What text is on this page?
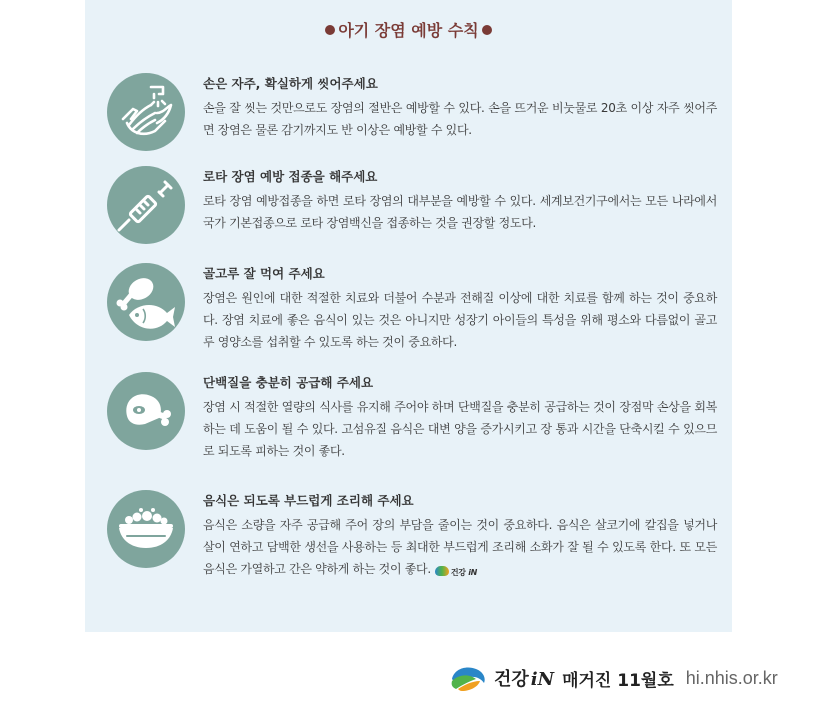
아기 장염 예방 수칙
손은 자주, 확실하게 씻어주세요

손을 잘 씻는 것만으로도 장염의 절반은 예방할 수 있다. 손을 뜨거운 비눗물로 20초 이상 자주 씻어주면 장염은 물론 감기까지도 반 이상은 예방할 수 있다.

로타 장염 예방 접종을 해주세요

로타 장염 예방접종을 하면 로타 장염의 대부분을 예방할 수 있다. 세계보건기구에서는 모든 나라에서 국가 기본접종으로 로타 장염백신을 접종하는 것을 권장할 정도다.

골고루 잘 먹여 주세요

장염은 원인에 대한 적절한 치료와 더불어 수분과 전해질 이상에 대한 치료를 함께 하는 것이 중요하다. 장염 치료에 좋은 음식이 있는 것은 아니지만 성장기 아이들의 특성을 위해 평소와 다름없이 골고루 영양소를 섭취할 수 있도록 하는 것이 중요하다.

단백질을 충분히 공급해 주세요

장염 시 적절한 열량의 식사를 유지해 주어야 하며 단백질을 충분히 공급하는 것이 장점막 손상을 회복하는 데 도움이 될 수 있다. 고섬유질 음식은 대변 양을 증가시키고 장 통과 시간을 단축시킬 수 있으므로 되도록 피하는 것이 좋다.

음식은 되도록 부드럽게 조리해 주세요

음식은 소량을 자주 공급해 주어 장의 부담을 줄이는 것이 중요하다. 음식은 살코기에 칼집을 넣거나 살이 연하고 담백한 생선을 사용하는 등 최대한 부드럽게 조리해 소화가 잘 될 수 있도록 한다. 또 모든 음식은 가열하고 간은 약하게 하는 것이 좋다.	건강 iN

건강 iN 매거진 11월호 hi.nhis.or.kr
